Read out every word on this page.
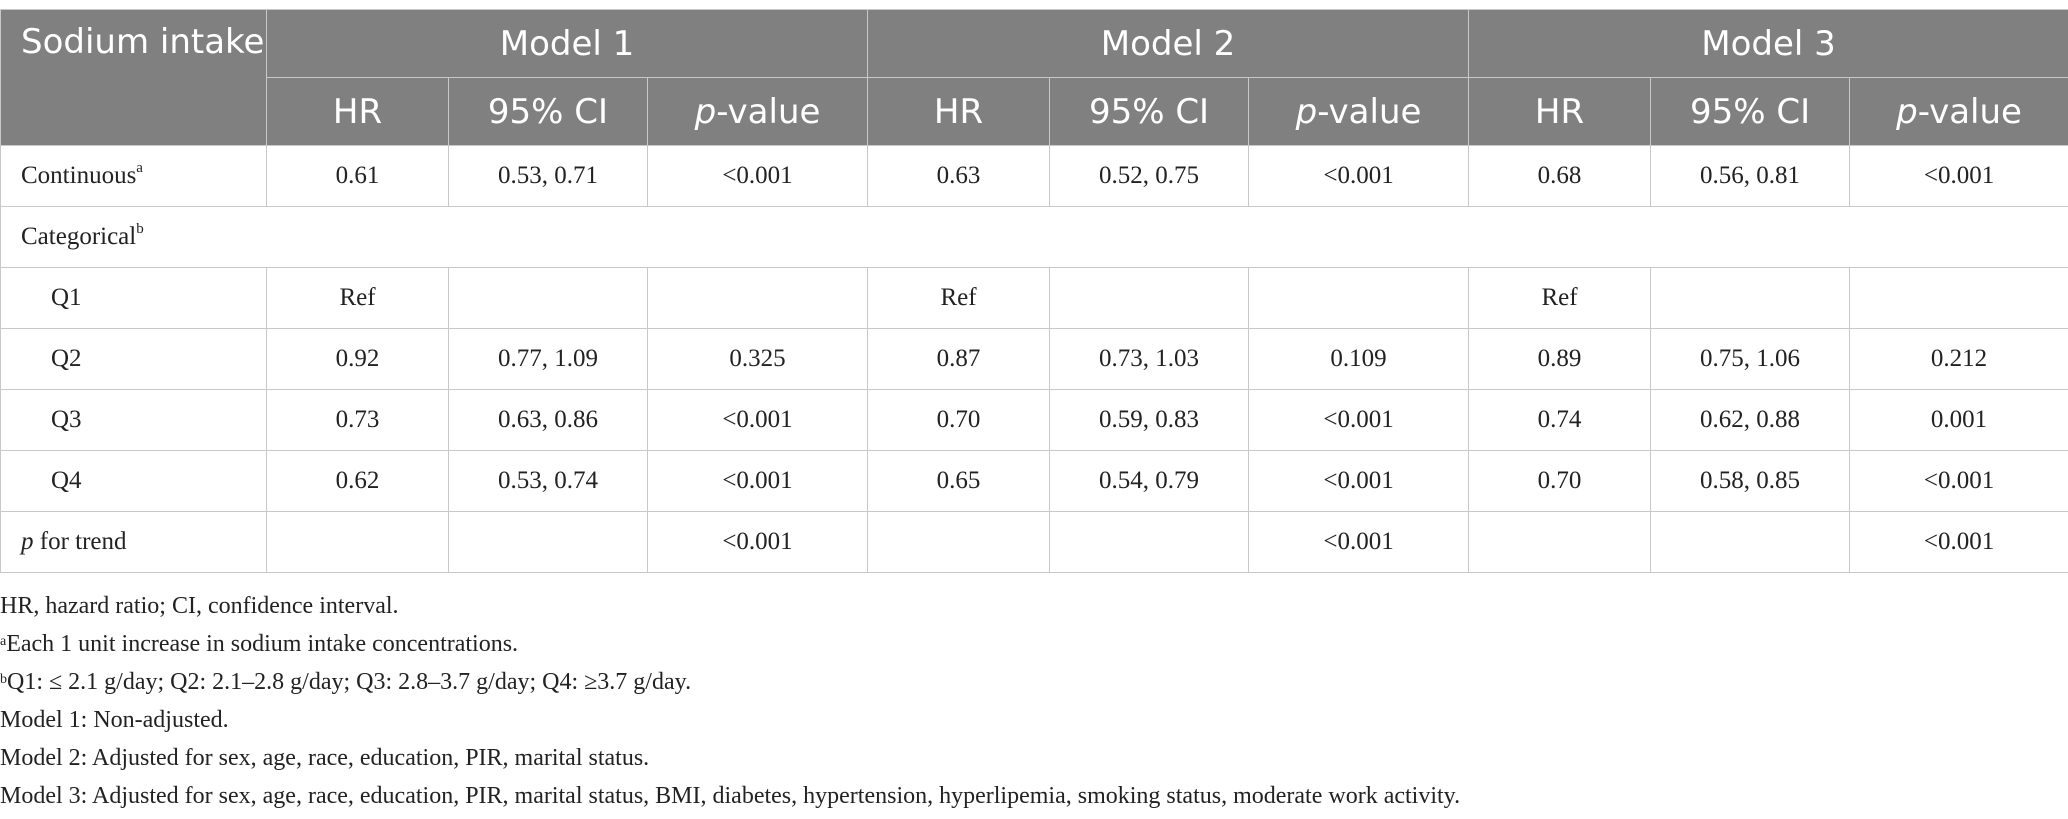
Sodium intake	Model 1			Model 2			Model 3		
	HR	95% CI	p-value	HR	95% CI	p-value	HR	95% CI	p-value
Continuous$^a$	0.61	0.53, 0.71	<0.001	0.63	0.52, 0.75	<0.001	0.68	0.56, 0.81	<0.001
Categorical$^b$
Q1	Ref			Ref			Ref		
Q2	0.92	0.77, 1.09	0.325	0.87	0.73, 1.03	0.109	0.89	0.75, 1.06	0.212
Q3	0.73	0.63, 0.86	<0.001	0.70	0.59, 0.83	<0.001	0.74	0.62, 0.88	0.001
Q4	0.62	0.53, 0.74	<0.001	0.65	0.54, 0.79	<0.001	0.70	0.58, 0.85	<0.001
p for trend			<0.001			<0.001			<0.001

HR, hazard ratio; CI, confidence interval.

$^a$Each 1 unit increase in sodium intake concentrations.

$^b$Q1: ≤ 2.1 g/day; Q2: 2.1–2.8 g/day; Q3: 2.8–3.7 g/day; Q4: ≥3.7 g/day.

Model 1: Non-adjusted.

Model 2: Adjusted for sex, age, race, education, PIR, marital status.

Model 3: Adjusted for sex, age, race, education, PIR, marital status, BMI, diabetes, hypertension, hyperlipemia, smoking status, moderate work activity.
